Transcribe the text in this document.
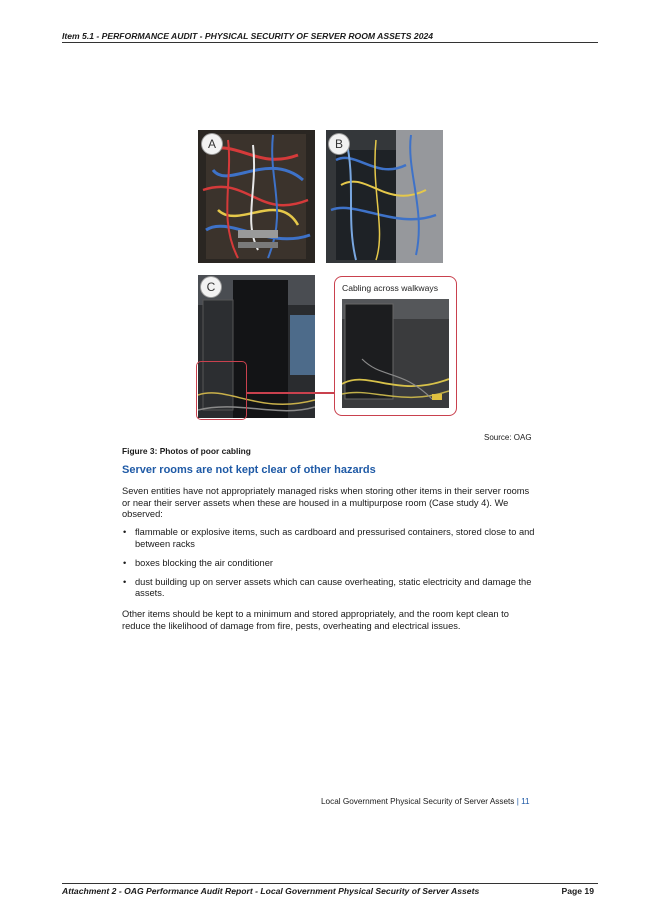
Item 5.1 - PERFORMANCE AUDIT - PHYSICAL SECURITY OF SERVER ROOM ASSETS 2024
A	B
C	Cabling across walkways
Source: OAG
Figure 3: Photos of poor cabling
Server rooms are not kept clear of other hazards

Seven entities have not appropriately managed risks when storing other items in their server rooms or near their server assets when these are housed in a multipurpose room (Case study 4). We observed:

• flammable or explosive items, such as cardboard and pressurised containers, stored close to and between racks
• boxes blocking the air conditioner
• dust building up on server assets which can cause overheating, static electricity and damage the assets.

Other items should be kept to a minimum and stored appropriately, and the room kept clean to reduce the likelihood of damage from fire, pests, overheating and electrical issues.

Local Government Physical Security of Server Assets | 11
Attachment 2 - OAG Performance Audit Report - Local Government Physical Security of Server Assets	Page 19
